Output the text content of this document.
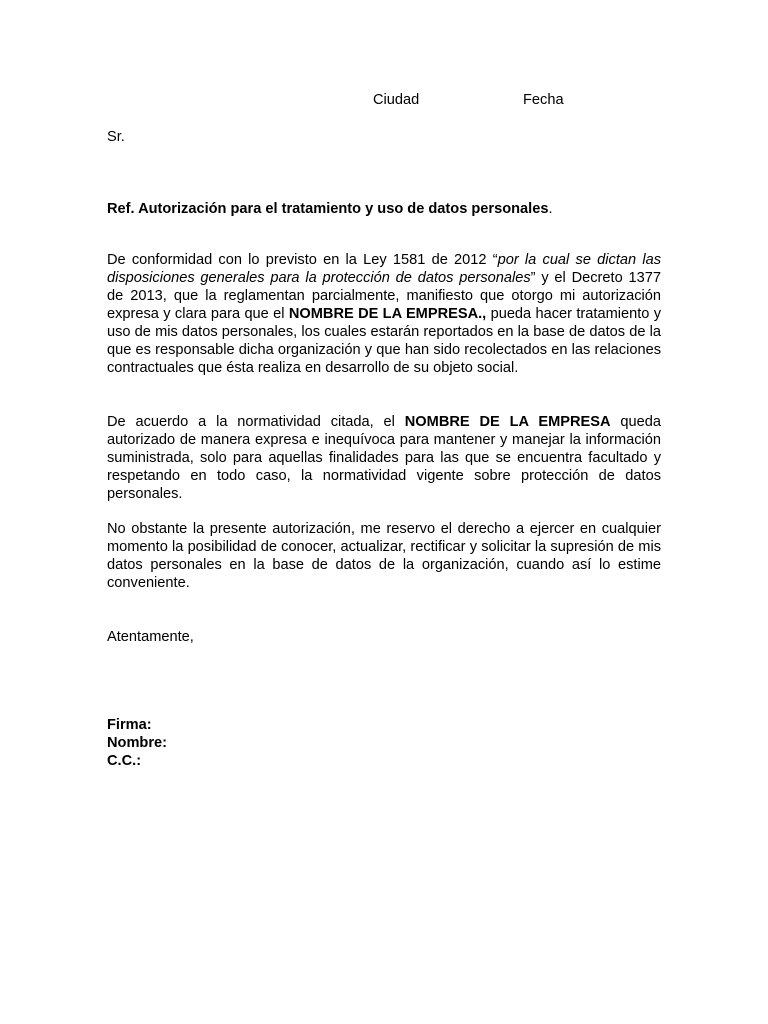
Ciudad	Fecha
Sr.
Ref. Autorización para el tratamiento y uso de datos personales.

De conformidad con lo previsto en la Ley 1581 de 2012 “por la cual se dictan las disposiciones generales para la protección de datos personales” y el Decreto 1377 de 2013, que la reglamentan parcialmente, manifiesto que otorgo mi autorización expresa y clara para que el NOMBRE DE LA EMPRESA., pueda hacer tratamiento y uso de mis datos personales, los cuales estarán reportados en la base de datos de la que es responsable dicha organización y que han sido recolectados en las relaciones contractuales que ésta realiza en desarrollo de su objeto social.

De acuerdo a la normatividad citada, el NOMBRE DE LA EMPRESA queda autorizado de manera expresa e inequívoca para mantener y manejar la información suministrada, solo para aquellas finalidades para las que se encuentra facultado y respetando en todo caso, la normatividad vigente sobre protección de datos personales.

No obstante la presente autorización, me reservo el derecho a ejercer en cualquier momento la posibilidad de conocer, actualizar, rectificar y solicitar la supresión de mis datos personales en la base de datos de la organización, cuando así lo estime conveniente.

Atentamente,
Firma:
Nombre:
C.C.:
